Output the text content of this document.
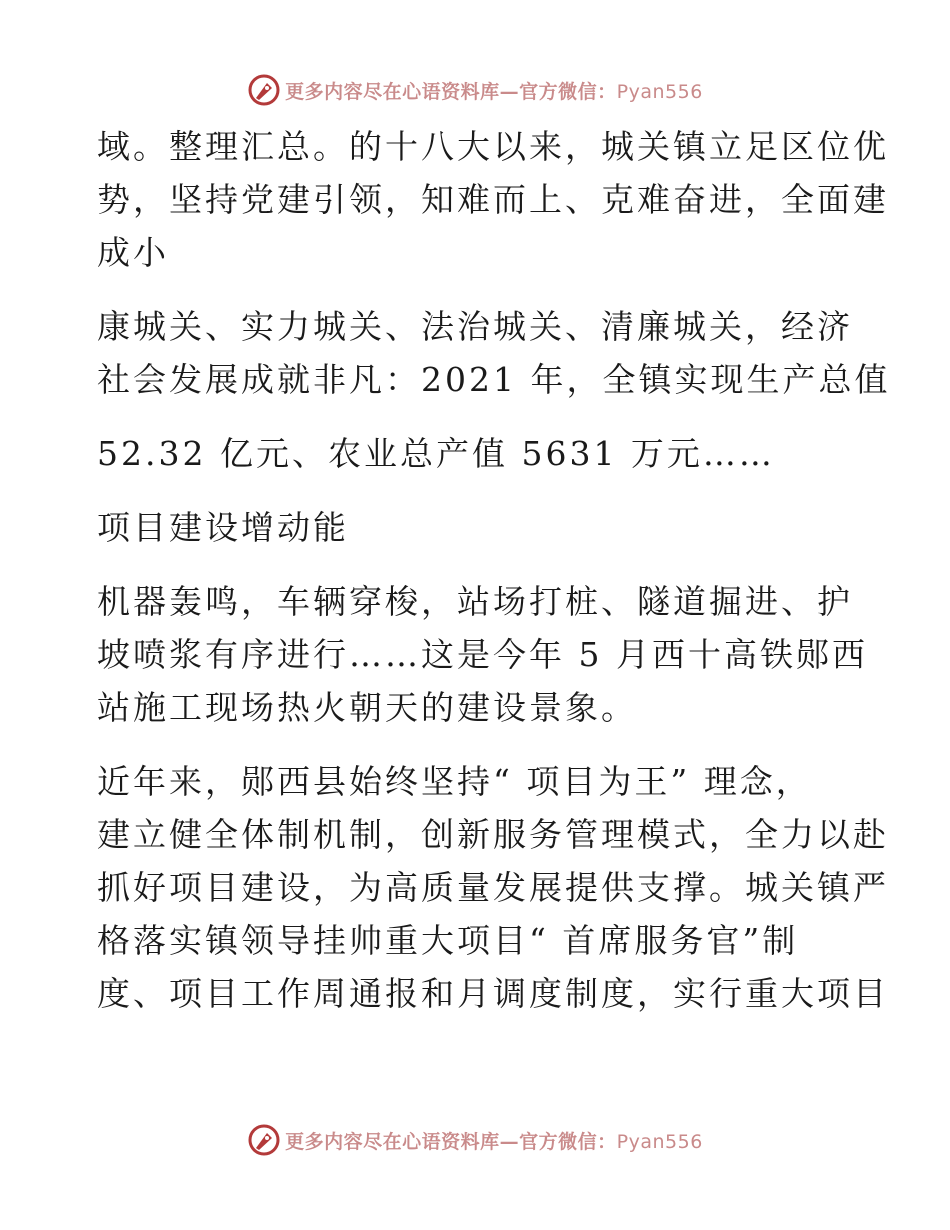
更多内容尽在心语资料库—官方微信：Pyan556

域。整理汇总。的十八大以来，城关镇立足区位优
势，坚持党建引领，知难而上、克难奋进，全面建
成小

康城关、实力城关、法治城关、清廉城关，经济
社会发展成就非凡：2021 年，全镇实现生产总值

52.32 亿元、农业总产值 5631 万元……

项目建设增动能

机器轰鸣，车辆穿梭，站场打桩、隧道掘进、护
坡喷浆有序进行……这是今年 5 月西十高铁郧西
站施工现场热火朝天的建设景象。

近年来，郧西县始终坚持“ 项目为王” 理念，
建立健全体制机制，创新服务管理模式，全力以赴
抓好项目建设，为高质量发展提供支撑。城关镇严
格落实镇领导挂帅重大项目“ 首席服务官”制
度、项目工作周通报和月调度制度，实行重大项目

更多内容尽在心语资料库—官方微信：Pyan556
